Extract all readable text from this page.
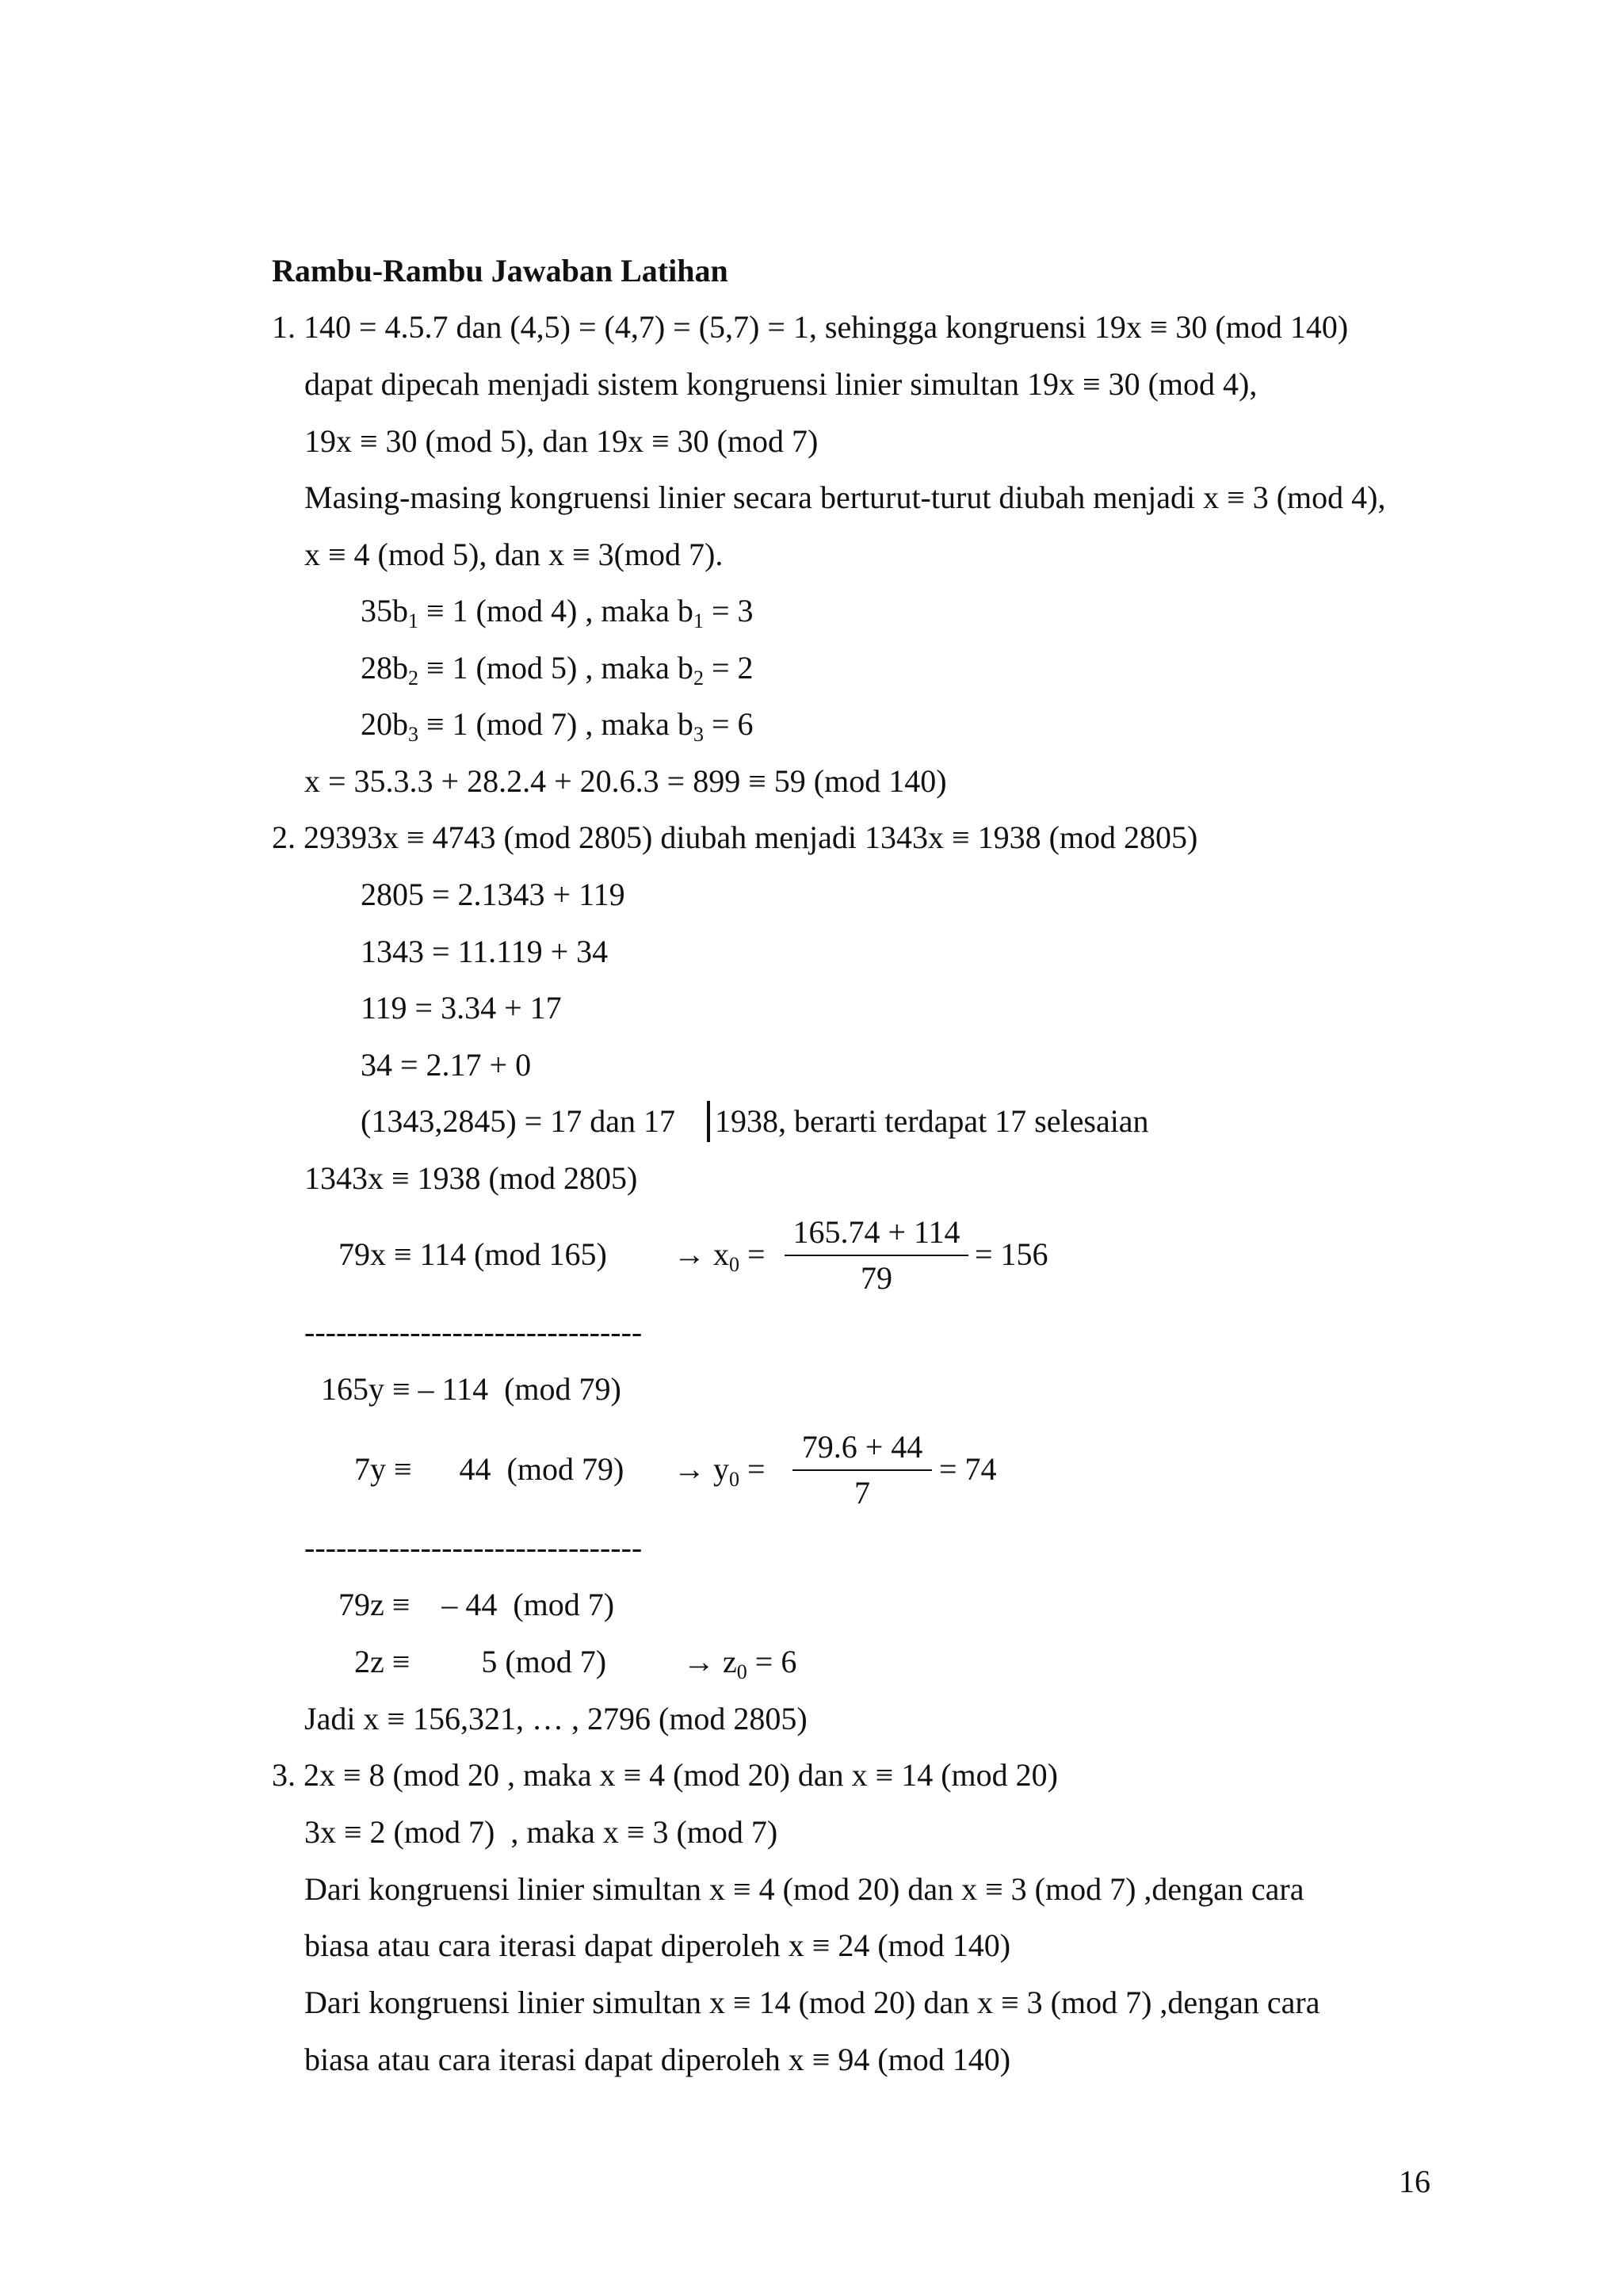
Rambu-Rambu Jawaban Latihan
1. 140 = 4.5.7 dan (4,5) = (4,7) = (5,7) = 1, sehingga kongruensi 19x ≡ 30 (mod 140)
dapat dipecah menjadi sistem kongruensi linier simultan 19x ≡ 30 (mod 4),
19x ≡ 30 (mod 5), dan 19x ≡ 30 (mod 7)
Masing-masing kongruensi linier secara berturut-turut diubah menjadi x ≡ 3 (mod 4),
x ≡ 4 (mod 5), dan x ≡ 3(mod 7).
$35b_1 \equiv 1$ (mod 4) , maka $b_1 = 3$
$28b_2 \equiv 1$ (mod 5) , maka $b_2 = 2$
$20b_3 \equiv 1$ (mod 7) , maka $b_3 = 6$
x = 35.3.3 + 28.2.4 + 20.6.3 = 899 ≡ 59 (mod 140)
2. 29393x ≡ 4743 (mod 2805) diubah menjadi 1343x ≡ 1938 (mod 2805)
2805 = 2.1343 + 119
1343 = 11.119 + 34
119 = 3.34 + 17
34 = 2.17 + 0
(1343,2845) = 17 dan 17 1938, berarti terdapat 17 selesaian
1343x ≡ 1938 (mod 2805)
79x ≡ 114 (mod $165) \to x_0$ =
165.74 + 114
79
= 156
--------------------------------
165y ≡ – 114  (mod 79)
7y ≡      44  (mod $79) \to y_0$ =
79.6 + 44
7
= 74
--------------------------------
79z ≡    – 44  (mod 7)
2z ≡         5 (mod $7) \to z_0 = 6$
Jadi x ≡ 156,321, … , 2796 (mod 2805)
3. 2x ≡ 8 (mod 20 , maka x ≡ 4 (mod 20) dan x ≡ 14 (mod 20)
3x ≡ 2 (mod 7)  , maka x ≡ 3 (mod 7)
Dari kongruensi linier simultan x ≡ 4 (mod 20) dan x ≡ 3 (mod 7) ,dengan cara
biasa atau cara iterasi dapat diperoleh x ≡ 24 (mod 140)
Dari kongruensi linier simultan x ≡ 14 (mod 20) dan x ≡ 3 (mod 7) ,dengan cara
biasa atau cara iterasi dapat diperoleh x ≡ 94 (mod 140)
16
